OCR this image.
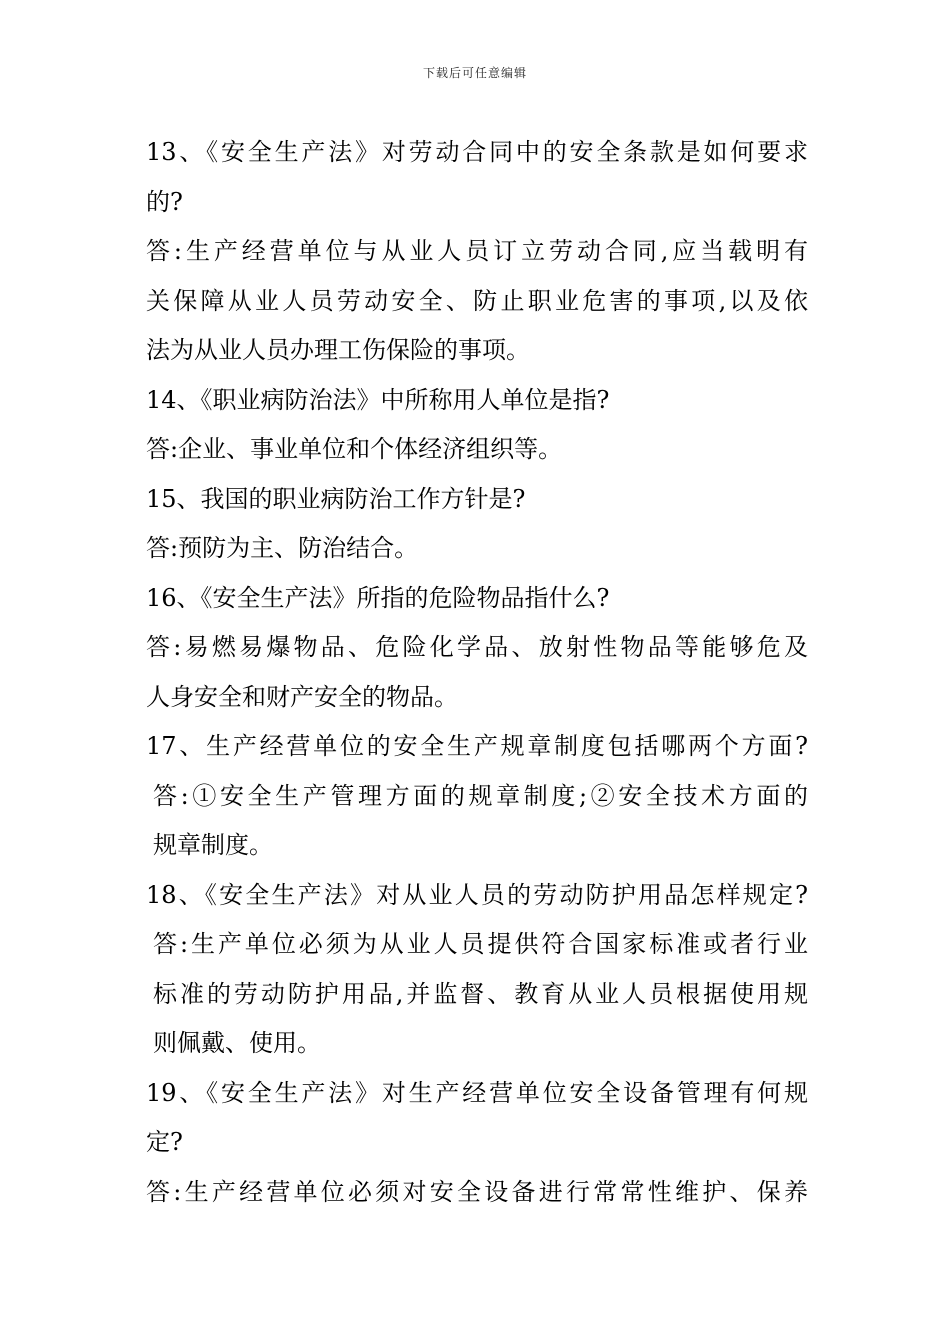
下载后可任意编辑
13、《安全生产法》对劳动合同中的安全条款是如何要求
的?
答:生产经营单位与从业人员订立劳动合同,应当载明有
关保障从业人员劳动安全、防止职业危害的事项,以及依
法为从业人员办理工伤保险的事项。
14、《职业病防治法》中所称用人单位是指?
答:企业、事业单位和个体经济组织等。
15、我国的职业病防治工作方针是?
答:预防为主、防治结合。
16、《安全生产法》所指的危险物品指什么?
答:易燃易爆物品、危险化学品、放射性物品等能够危及
人身安全和财产安全的物品。
17、生产经营单位的安全生产规章制度包括哪两个方面?
答:①安全生产管理方面的规章制度;②安全技术方面的
规章制度。
18、《安全生产法》对从业人员的劳动防护用品怎样规定?
答:生产单位必须为从业人员提供符合国家标准或者行业
标准的劳动防护用品,并监督、教育从业人员根据使用规
则佩戴、使用。
19、《安全生产法》对生产经营单位安全设备管理有何规
定?
答:生产经营单位必须对安全设备进行常常性维护、保养
